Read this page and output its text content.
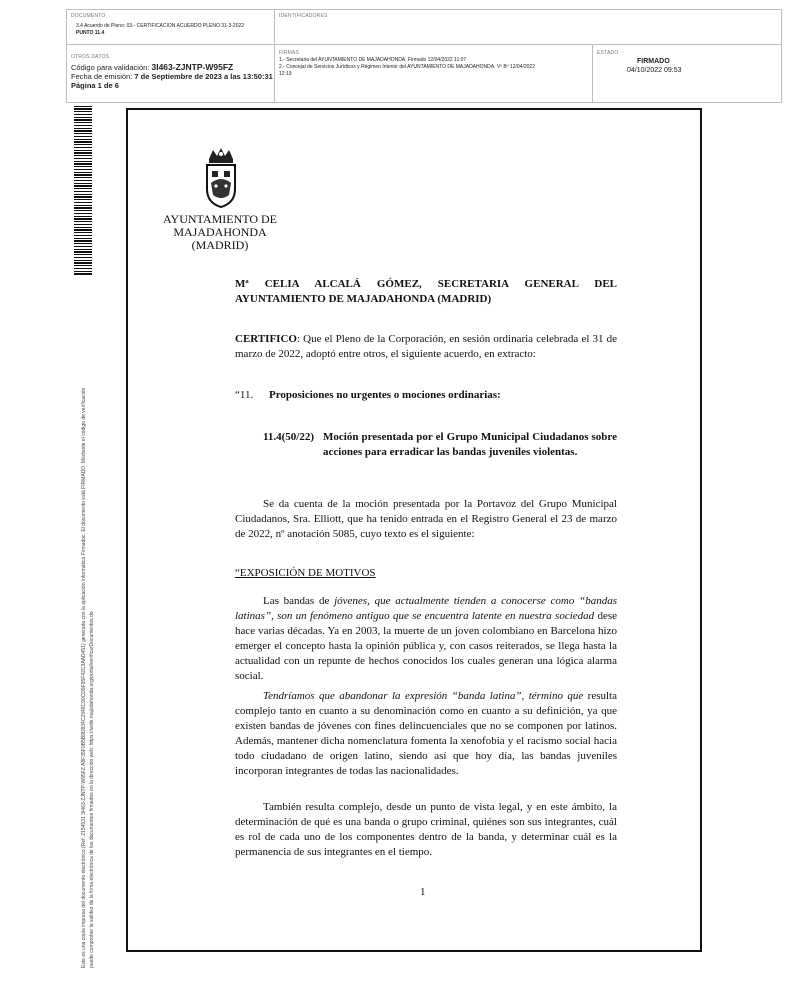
DOCUMENTO
3.4 Acuerdo de Pleno: 03.- CERTIFICACION ACUERDO PLENO 31-3-2022
PUNTO 11.4
IDENTIFICADORES
OTROS DATOS
Código para validación: 3I463-ZJNTP-W95FZ
Fecha de emisión: 7 de Septiembre de 2023 a las 13:50:31
Página 1 de 6
FIRMAS
1.- Secretaria del AYUNTAMIENTO DE MAJADAHONDA. Firmado 12/04/2022 11:07
2.- Concejal de Servicios Jurídicos y Régimen Interior del AYUNTAMIENTO DE MAJADAHONDA. Vº Bº 12/04/2022
12:19
ESTADO
FIRMADO
04/10/2022 09:53
Este es una copia impresa del documento electrónico (Ref: 2154531 3I463-ZJNTP-W95FZ A8F35F0B5B9D834C2946C90CD9F95F42C3AAD451) generada con la aplicación informática Firmadoc. El documento está FIRMADO. Mediante el código de verificación puede comprobar la validez de la firma electrónica de los documentos firmados en la dirección web: https://sede.majadahonda.org/portal/verificarDocumentos.do
AYUNTAMIENTO DE
MAJADAHONDA
(MADRID)
Mª CELIA ALCALÁ GÓMEZ, SECRETARIA GENERAL DEL AYUNTAMIENTO DE MAJADAHONDA (MADRID)
CERTIFICO: Que el Pleno de la Corporación, en sesión ordinaria celebrada el 31 de marzo de 2022, adoptó entre otros, el siguiente acuerdo, en extracto:
“11. Proposiciones no urgentes o mociones ordinarias:
11.4(50/22) Moción presentada por el Grupo Municipal Ciudadanos sobre acciones para erradicar las bandas juveniles violentas.
Se da cuenta de la moción presentada por la Portavoz del Grupo Municipal Ciudadanos, Sra. Elliott, que ha tenido entrada en el Registro General el 23 de marzo de 2022, nº anotación 5085, cuyo texto es el siguiente:
“EXPOSICIÓN DE MOTIVOS
Las bandas de jóvenes, que actualmente tienden a conocerse como “bandas latinas”, son un fenómeno antiguo que se encuentra latente en nuestra sociedad dese hace varias décadas. Ya en 2003, la muerte de un joven colombiano en Barcelona hizo emerger el concepto hasta la opinión pública y, con casos reiterados, se llega hasta la actualidad con un repunte de hechos conocidos los cuales generan una lógica alarma social.
Tendríamos que abandonar la expresión “banda latina”, término que resulta complejo tanto en cuanto a su denominación como en cuanto a su definición, ya que existen bandas de jóvenes con fines delincuenciales que no se componen por latinos. Además, mantener dicha nomenclatura fomenta la xenofobia y el racismo social hacia todo ciudadano de origen latino, siendo así que hoy día, las bandas juveniles incorporan integrantes de todas las nacionalidades.
También resulta complejo, desde un punto de vista legal, y en este ámbito, la determinación de qué es una banda o grupo criminal, quiénes son sus integrantes, cuál es rol de cada uno de los componentes dentro de la banda, y determinar cuál es la permanencia de sus integrantes en el tiempo.
1
